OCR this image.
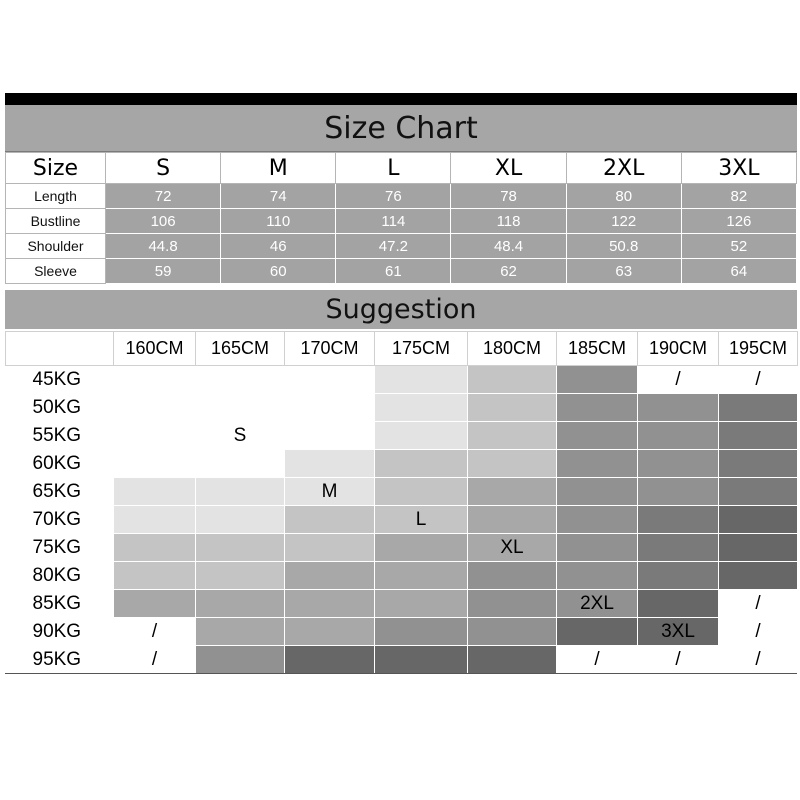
Size Chart
Size	S	M	L	XL	2XL	3XL
Length	72	74	76	78	80	82
Bustline	106	110	114	118	122	126
Shoulder	44.8	46	47.2	48.4	50.8	52
Sleeve	59	60	61	62	63	64
Suggestion
	160CM	165CM	170CM	175CM	180CM	185CM	190CM	195CM
45KG							/	/
50KG								
55KG		S						
60KG								
65KG			M					
70KG				L				
75KG					XL			
80KG								
85KG						2XL		/
90KG	/						3XL	/
95KG	/					/	/	/
